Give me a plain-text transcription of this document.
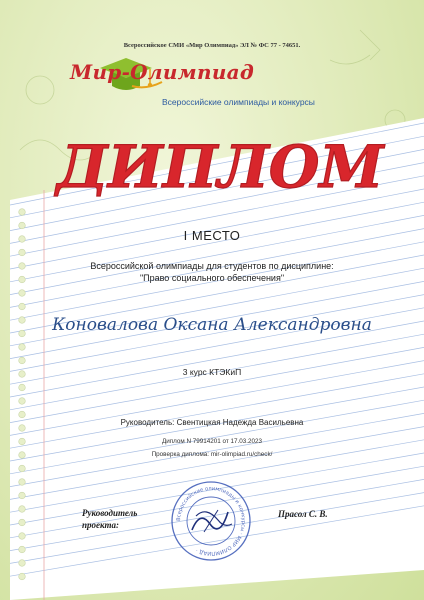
Всероссийское СМИ «Мир Олимпиад» ЭЛ № ФС 77 - 74651.
Мир-Олимпиад
Всероссийские олимпиады и конкурсы
ДИПЛОМ
I МЕСТО
Всероссийской олимпиады для студентов по дисциплине: "Право социального обеспечения"
Коновалова Оксана Александровна
3 курс КТЭКиП
Руководитель: Свентицкая Надежда Васильевна
Диплом N 79914201 от 17.03.2023
Проверка диплома: mir-olimpiad.ru/check/
Руководитель проекта:
Прасол С. В.
Всероссийские олимпиады и конкурсы · МИР ОЛИМПИАД ·
